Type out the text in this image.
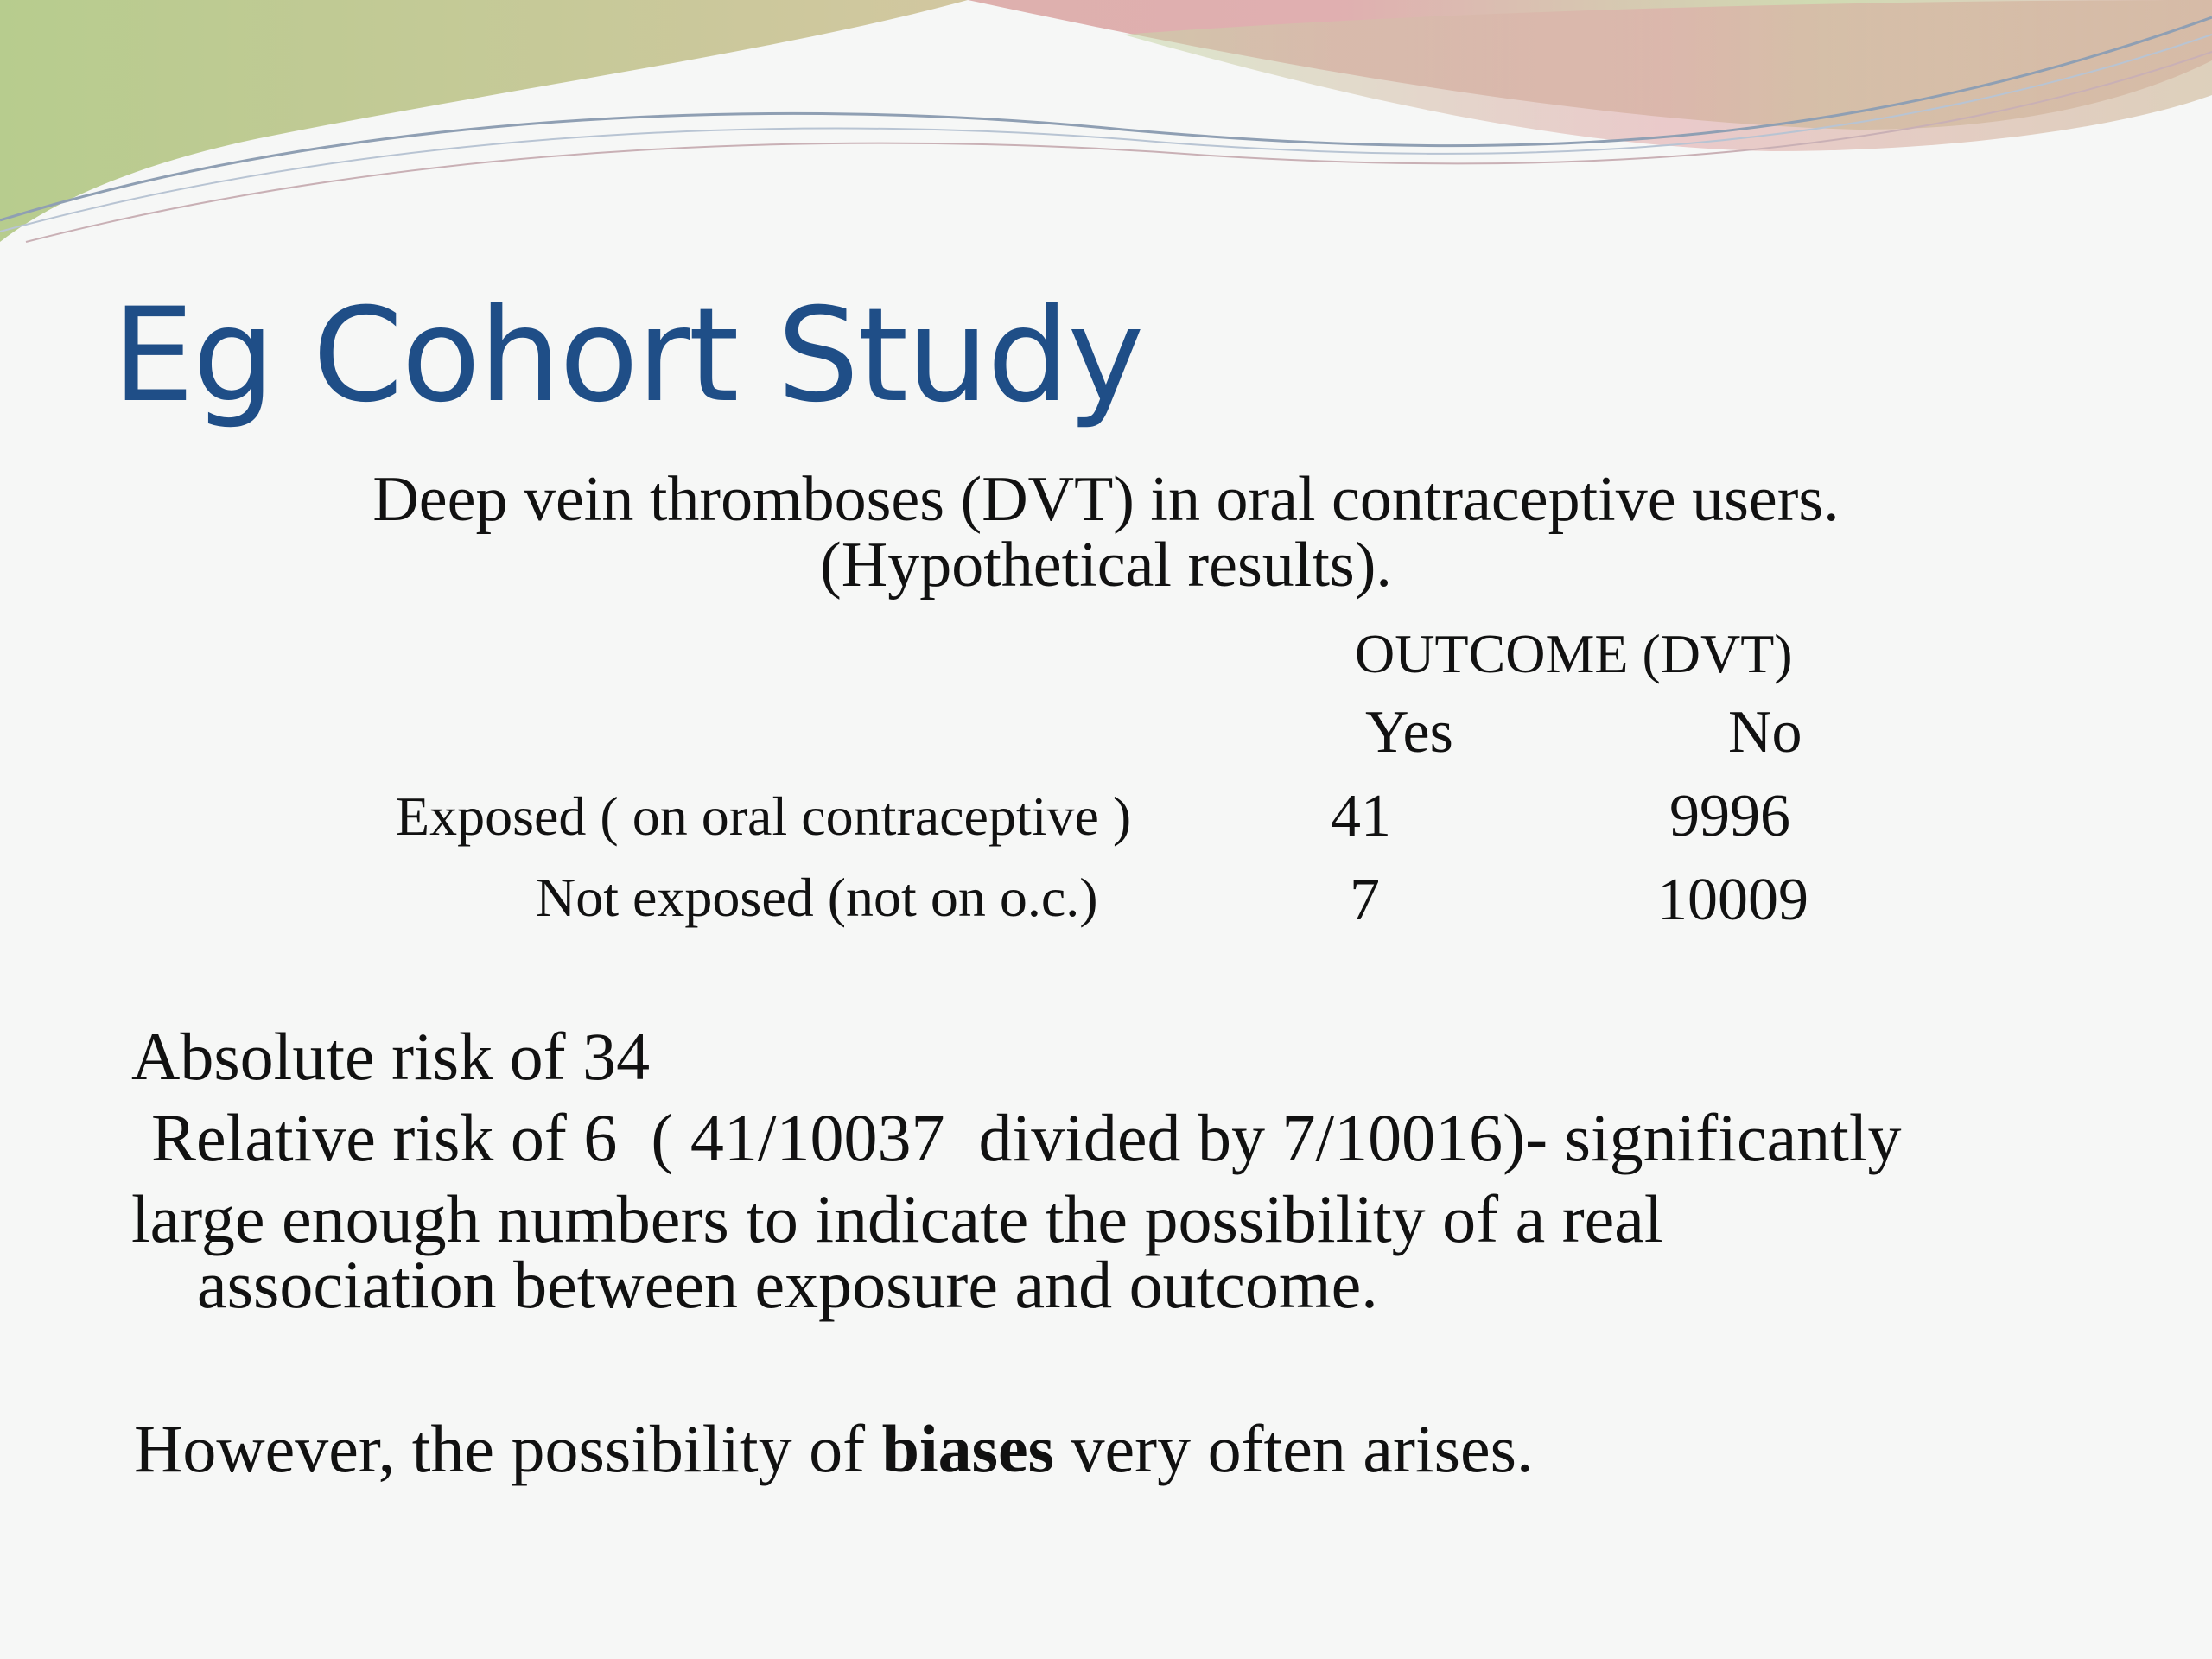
Eg Cohort Study
Deep vein thromboses (DVT) in oral contraceptive users.
(Hypothetical results).
OUTCOME (DVT)
Yes	No
Exposed ( on oral contraceptive )	41	9996
Not exposed (not on o.c.)	7	10009

Absolute risk of 34

Relative risk of 6  ( 41/10037  divided by 7/10016)- significantly

large enough numbers to indicate the possibility of a real

association between exposure and outcome.

However, the possibility of biases very often arises.
